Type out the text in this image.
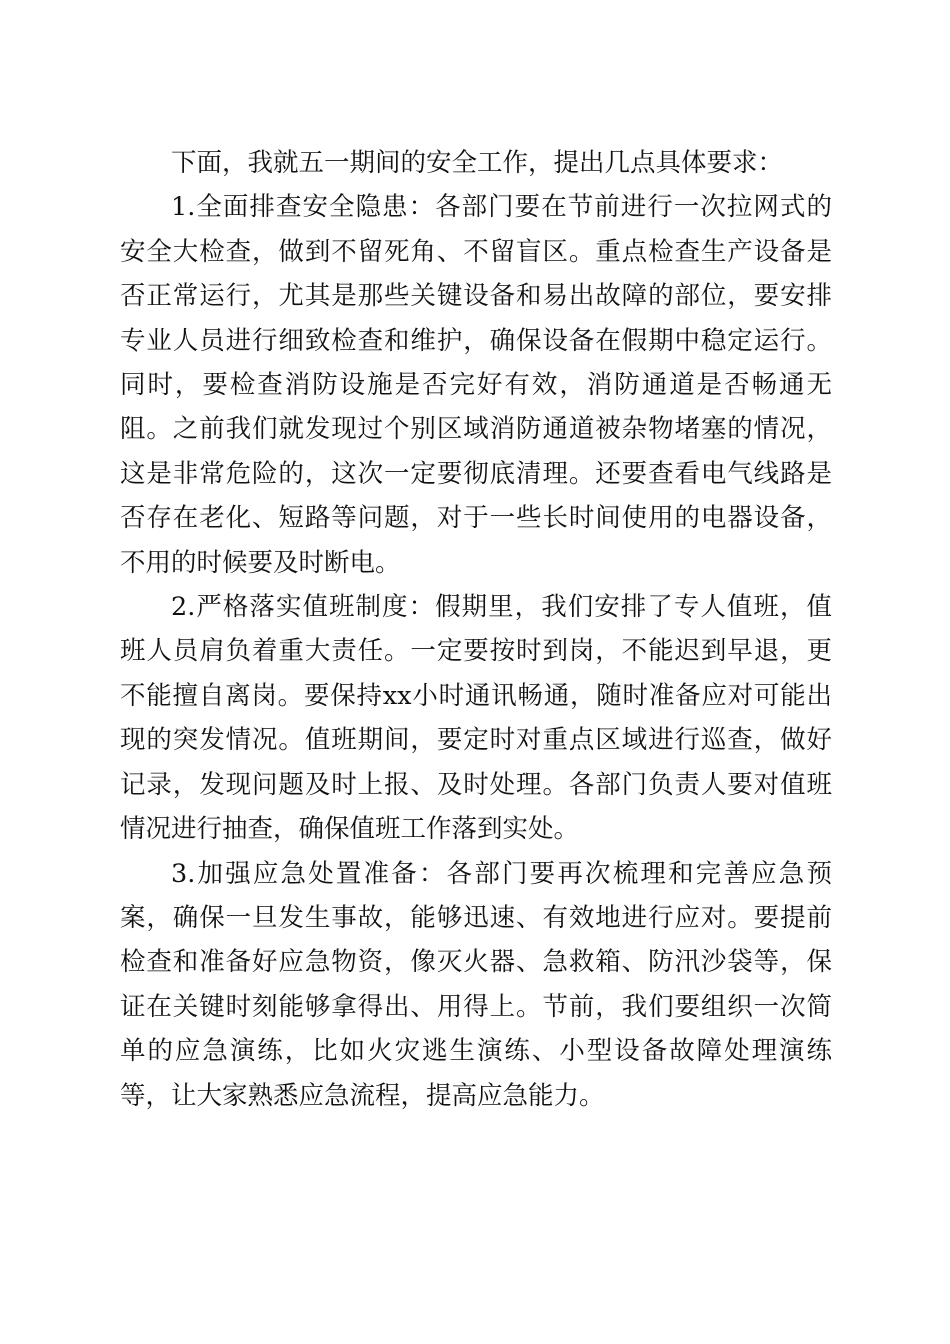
下面，我就五一期间的安全工作，提出几点具体要求：

1.全面排查安全隐患：各部门要在节前进行一次拉网式的安全大检查，做到不留死角、不留盲区。重点检查生产设备是否正常运行，尤其是那些关键设备和易出故障的部位，要安排专业人员进行细致检查和维护，确保设备在假期中稳定运行。同时，要检查消防设施是否完好有效，消防通道是否畅通无阻。之前我们就发现过个别区域消防通道被杂物堵塞的情况，这是非常危险的，这次一定要彻底清理。还要查看电气线路是否存在老化、短路等问题，对于一些长时间使用的电器设备，不用的时候要及时断电。

2.严格落实值班制度：假期里，我们安排了专人值班，值班人员肩负着重大责任。一定要按时到岗，不能迟到早退，更不能擅自离岗。要保持xx小时通讯畅通，随时准备应对可能出现的突发情况。值班期间，要定时对重点区域进行巡查，做好记录，发现问题及时上报、及时处理。各部门负责人要对值班情况进行抽查，确保值班工作落到实处。

3.加强应急处置准备：各部门要再次梳理和完善应急预案，确保一旦发生事故，能够迅速、有效地进行应对。要提前检查和准备好应急物资，像灭火器、急救箱、防汛沙袋等，保证在关键时刻能够拿得出、用得上。节前，我们要组织一次简单的应急演练，比如火灾逃生演练、小型设备故障处理演练等，让大家熟悉应急流程，提高应急能力。
